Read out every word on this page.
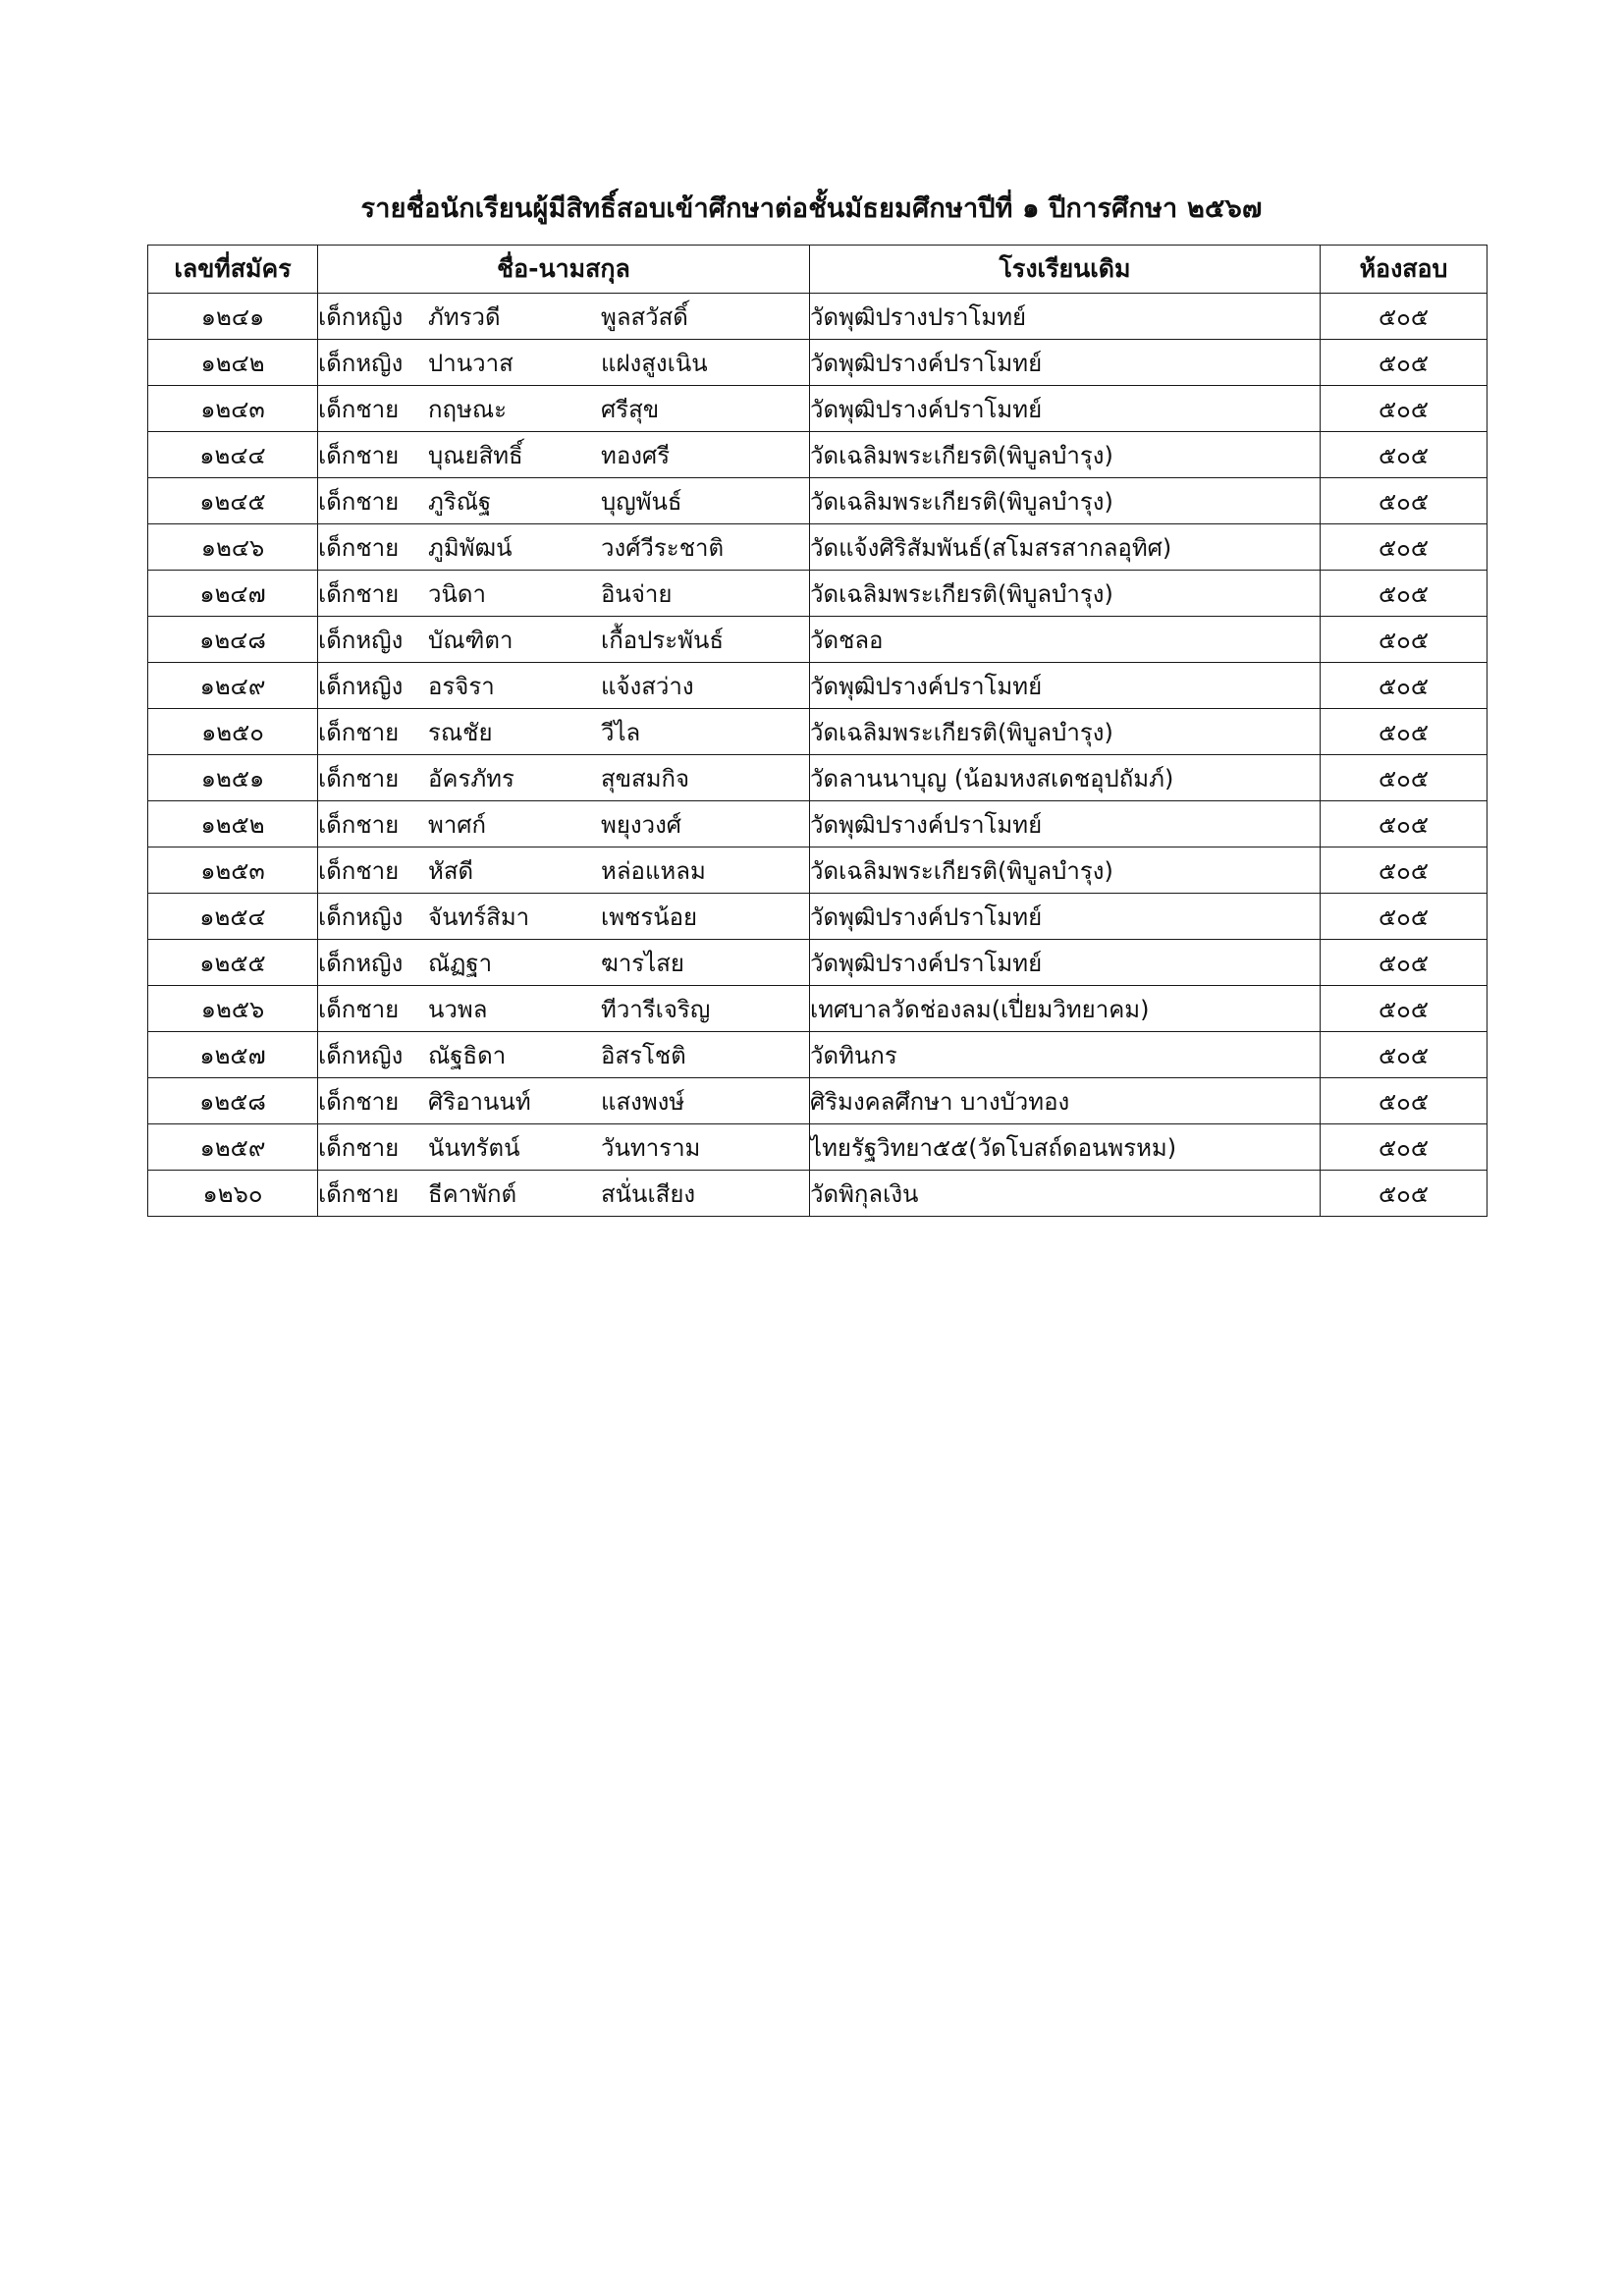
รายชื่อนักเรียนผู้มีสิทธิ์สอบเข้าศึกษาต่อชั้นมัธยมศึกษาปีที่ ๑ ปีการศึกษา ๒๕๖๗
เลขที่สมัคร	ชื่อ-นามสกุล	โรงเรียนเดิม	ห้องสอบ
๑๒๔๑	เด็กหญิง ภัทรวดี พูลสวัสดิ์	วัดพุฒิปรางปราโมทย์	๕๐๕
๑๒๔๒	เด็กหญิง ปานวาส แฝงสูงเนิน	วัดพุฒิปรางค์ปราโมทย์	๕๐๕
๑๒๔๓	เด็กชาย กฤษณะ ศรีสุข	วัดพุฒิปรางค์ปราโมทย์	๕๐๕
๑๒๔๔	เด็กชาย บุณยสิทธิ์ ทองศรี	วัดเฉลิมพระเกียรติ(พิบูลบำรุง)	๕๐๕
๑๒๔๕	เด็กชาย ภูริณัฐ บุญพันธ์	วัดเฉลิมพระเกียรติ(พิบูลบำรุง)	๕๐๕
๑๒๔๖	เด็กชาย ภูมิพัฒน์ วงศ์วีระชาติ	วัดแจ้งศิริสัมพันธ์(สโมสรสากลอุทิศ)	๕๐๕
๑๒๔๗	เด็กชาย วนิดา อินจ่าย	วัดเฉลิมพระเกียรติ(พิบูลบำรุง)	๕๐๕
๑๒๔๘	เด็กหญิง บัณฑิตา เกื้อประพันธ์	วัดชลอ	๕๐๕
๑๒๔๙	เด็กหญิง อรจิรา แจ้งสว่าง	วัดพุฒิปรางค์ปราโมทย์	๕๐๕
๑๒๕๐	เด็กชาย รณชัย วีไล	วัดเฉลิมพระเกียรติ(พิบูลบำรุง)	๕๐๕
๑๒๕๑	เด็กชาย อัครภัทร สุขสมกิจ	วัดลานนาบุญ (น้อมหงสเดชอุปถัมภ์)	๕๐๕
๑๒๕๒	เด็กชาย พาศก์ พยุงวงศ์	วัดพุฒิปรางค์ปราโมทย์	๕๐๕
๑๒๕๓	เด็กชาย หัสดี หล่อแหลม	วัดเฉลิมพระเกียรติ(พิบูลบำรุง)	๕๐๕
๑๒๕๔	เด็กหญิง จันทร์สิมา เพชรน้อย	วัดพุฒิปรางค์ปราโมทย์	๕๐๕
๑๒๕๕	เด็กหญิง ณัฏฐา ฆารไสย	วัดพุฒิปรางค์ปราโมทย์	๕๐๕
๑๒๕๖	เด็กชาย นวพล ทีวารีเจริญ	เทศบาลวัดช่องลม(เปี่ยมวิทยาคม)	๕๐๕
๑๒๕๗	เด็กหญิง ณัฐธิดา อิสรโชติ	วัดทินกร	๕๐๕
๑๒๕๘	เด็กชาย ศิริอานนท์ แสงพงษ์	ศิริมงคลศึกษา บางบัวทอง	๕๐๕
๑๒๕๙	เด็กชาย นันทรัตน์ วันทาราม	ไทยรัฐวิทยา๕๕(วัดโบสถ์ดอนพรหม)	๕๐๕
๑๒๖๐	เด็กชาย ธีคาพักต์ สนั่นเสียง	วัดพิกุลเงิน	๕๐๕
